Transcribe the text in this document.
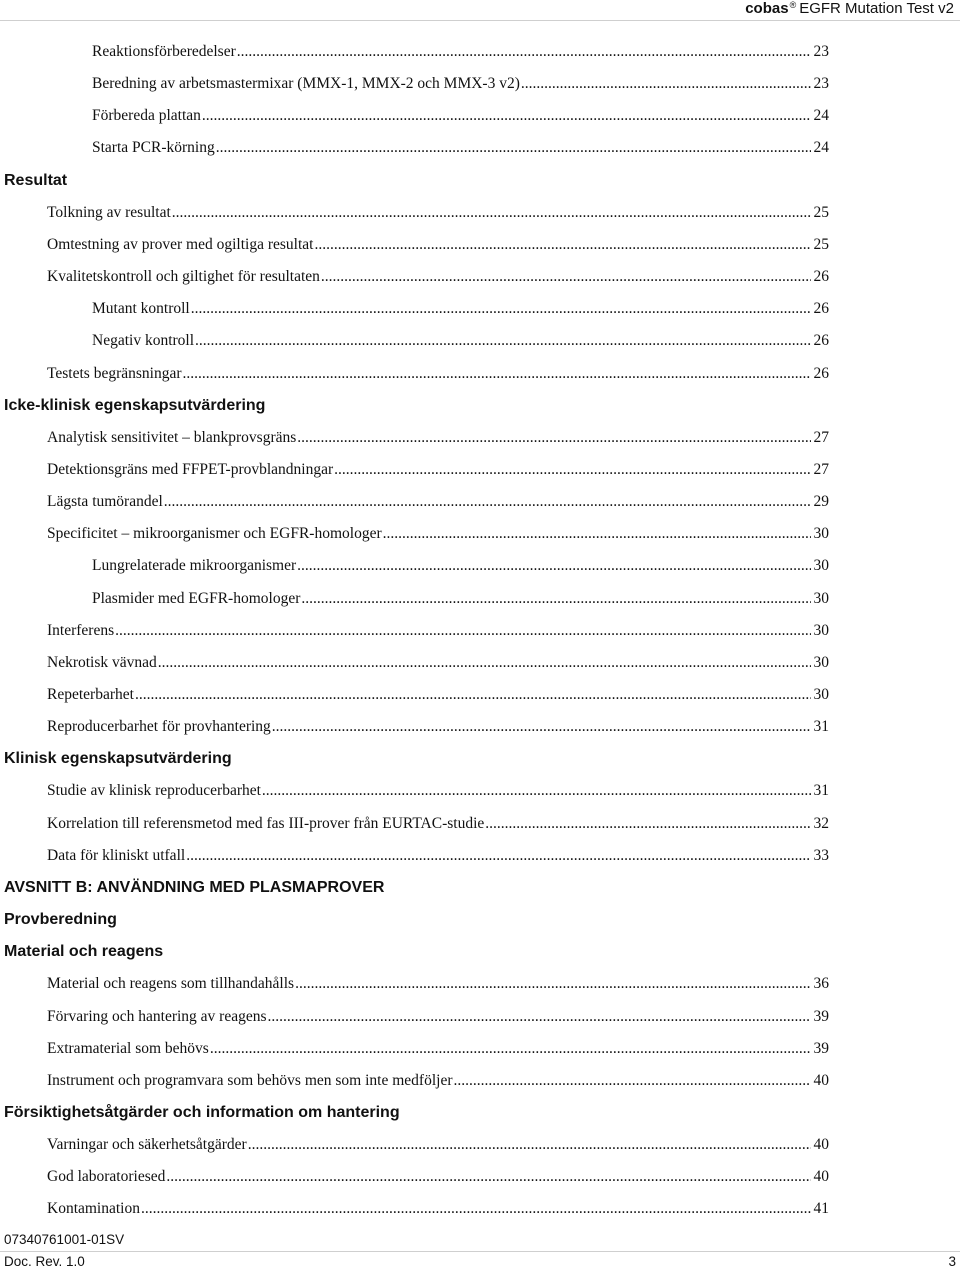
cobas® EGFR Mutation Test v2
Reaktionsförberedelser .....	23
Beredning av arbetsmastermixar (MMX-1, MMX-2 och MMX-3 v2) .....	23
Förbereda plattan .....	24
Starta PCR-körning .....	24
Resultat
Tolkning av resultat .....	25
Omtestning av prover med ogiltiga resultat .....	25
Kvalitetskontroll och giltighet för resultaten .....	26
Mutant kontroll .....	26
Negativ kontroll .....	26
Testets begränsningar .....	26
Icke-klinisk egenskapsutvärdering
Analytisk sensitivitet – blankprovsgräns .....	27
Detektionsgräns med FFPET-provblandningar .....	27
Lägsta tumörandel .....	29
Specificitet – mikroorganismer och EGFR-homologer .....	30
Lungrelaterade mikroorganismer .....	30
Plasmider med EGFR-homologer .....	30
Interferens .....	30
Nekrotisk vävnad .....	30
Repeterbarhet .....	30
Reproducerbarhet för provhantering .....	31
Klinisk egenskapsutvärdering
Studie av klinisk reproducerbarhet .....	31
Korrelation till referensmetod med fas III-prover från EURTAC-studie .....	32
Data för kliniskt utfall .....	33
AVSNITT B: ANVÄNDNING MED PLASMAPROVER
Provberedning
Material och reagens
Material och reagens som tillhandahålls .....	36
Förvaring och hantering av reagens .....	39
Extramaterial som behövs .....	39
Instrument och programvara som behövs men som inte medföljer .....	40
Försiktighetsåtgärder och information om hantering
Varningar och säkerhetsåtgärder .....	40
God laboratoriesed .....	40
Kontamination .....	41
07340761001-01SV
Doc. Rev. 1.0	3
